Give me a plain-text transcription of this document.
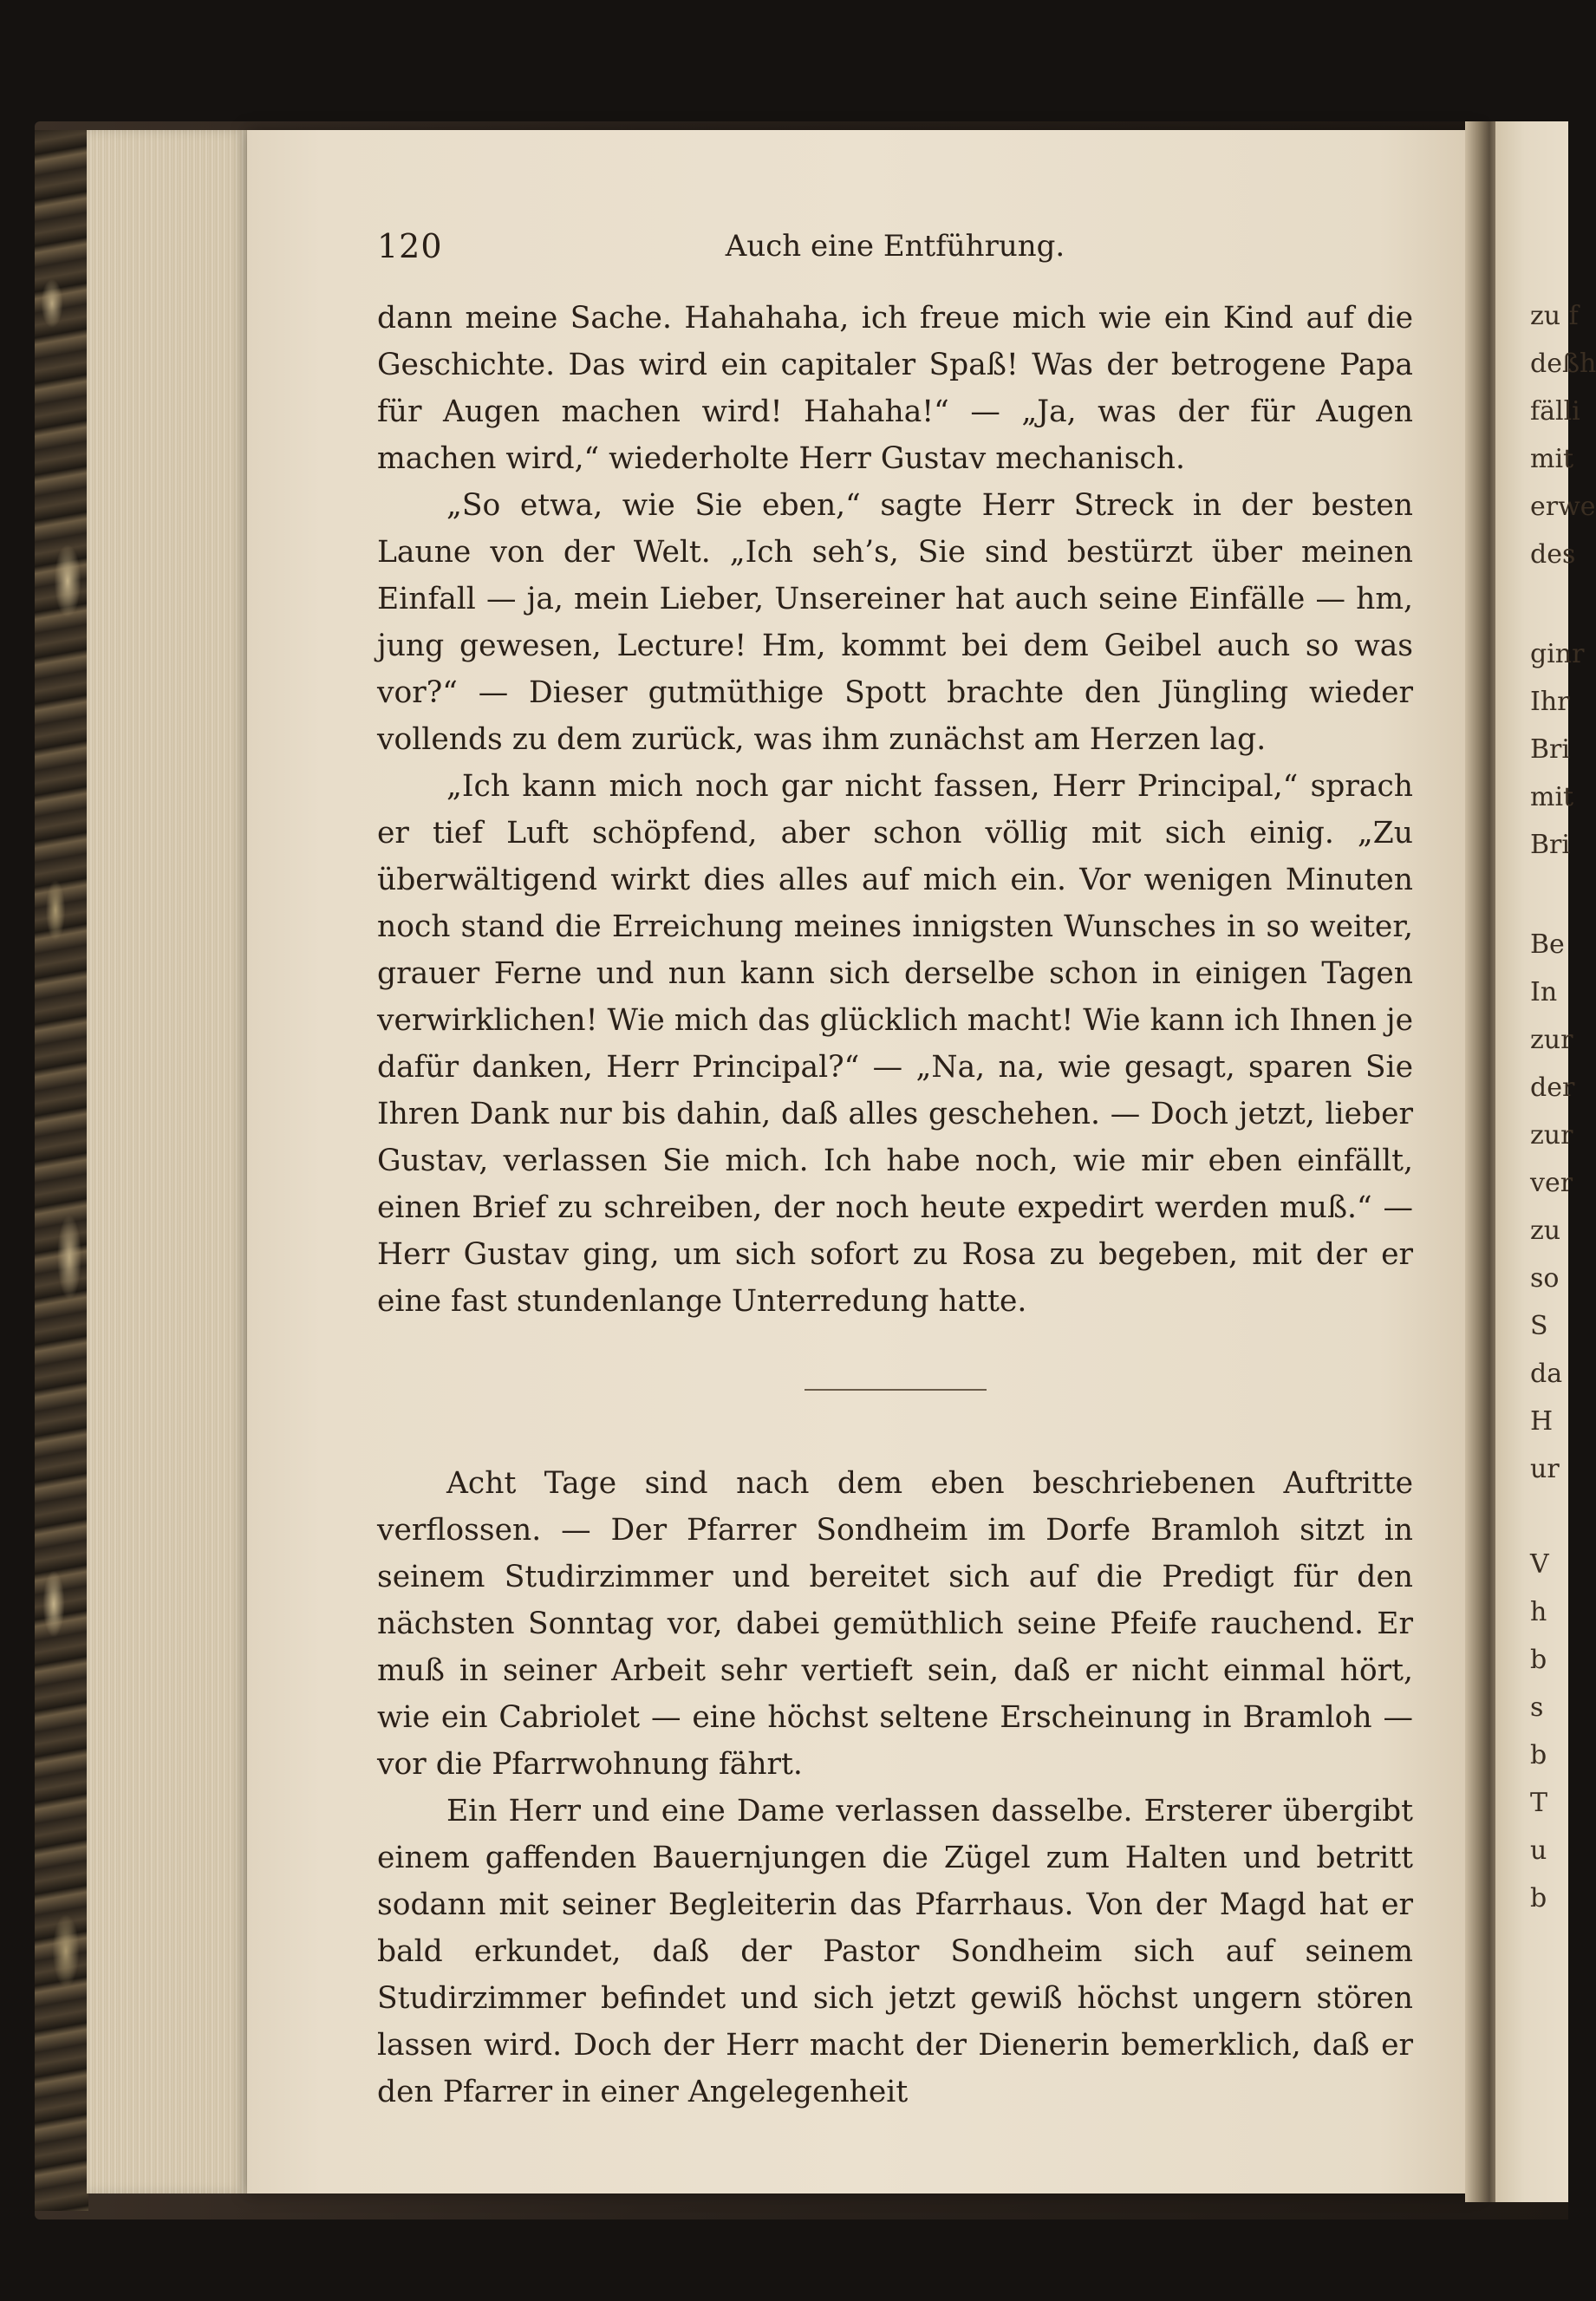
120	Auch eine Entführung.

dann meine Sache. Hahahaha, ich freue mich wie ein Kind auf die Geschichte. Das wird ein capitaler Spaß! Was der betrogene Papa für Augen machen wird! Hahaha!“ — „Ja, was der für Augen machen wird,“ wiederholte Herr Gustav mechanisch.

„So etwa, wie Sie eben,“ sagte Herr Streck in der besten Laune von der Welt. „Ich seh’s, Sie sind bestürzt über meinen Einfall — ja, mein Lieber, Unsereiner hat auch seine Einfälle — hm, jung gewesen, Lecture! Hm, kommt bei dem Geibel auch so was vor?“ — Dieser gutmüthige Spott brachte den Jüngling wieder vollends zu dem zurück, was ihm zunächst am Herzen lag.

„Ich kann mich noch gar nicht fassen, Herr Principal,“ sprach er tief Luft schöpfend, aber schon völlig mit sich einig. „Zu überwältigend wirkt dies alles auf mich ein. Vor wenigen Minuten noch stand die Erreichung meines innigsten Wunsches in so weiter, grauer Ferne und nun kann sich derselbe schon in einigen Tagen verwirklichen! Wie mich das glücklich macht! Wie kann ich Ihnen je dafür danken, Herr Principal?“ — „Na, na, wie gesagt, sparen Sie Ihren Dank nur bis dahin, daß alles geschehen. — Doch jetzt, lieber Gustav, verlassen Sie mich. Ich habe noch, wie mir eben einfällt, einen Brief zu schreiben, der noch heute expedirt werden muß.“ — Herr Gustav ging, um sich sofort zu Rosa zu begeben, mit der er eine fast stundenlange Unterredung hatte.

Acht Tage sind nach dem eben beschriebenen Auftritte verflossen. — Der Pfarrer Sondheim im Dorfe Bramloh sitzt in seinem Studirzimmer und bereitet sich auf die Predigt für den nächsten Sonntag vor, dabei gemüthlich seine Pfeife rauchend. Er muß in seiner Arbeit sehr vertieft sein, daß er nicht einmal hört, wie ein Cabriolet — eine höchst seltene Erscheinung in Bramloh — vor die Pfarrwohnung fährt.

Ein Herr und eine Dame verlassen dasselbe. Ersterer übergibt einem gaffenden Bauernjungen die Zügel zum Halten und betritt sodann mit seiner Begleiterin das Pfarrhaus. Von der Magd hat er bald erkundet, daß der Pastor Sondheim sich auf seinem Studirzimmer befindet und sich jetzt gewiß höchst ungern stören lassen wird. Doch der Herr macht der Dienerin bemerklich, daß er den Pfarrer in einer Angelegenheit

zu f
deßh
fälli
mit
erwe
des
ginr
Ihr
Bri
mit
Bri
Be
In
zur
der
zur
ver
zu
so
S
da
H
ur
V
h
b
s
b
T
u
b
